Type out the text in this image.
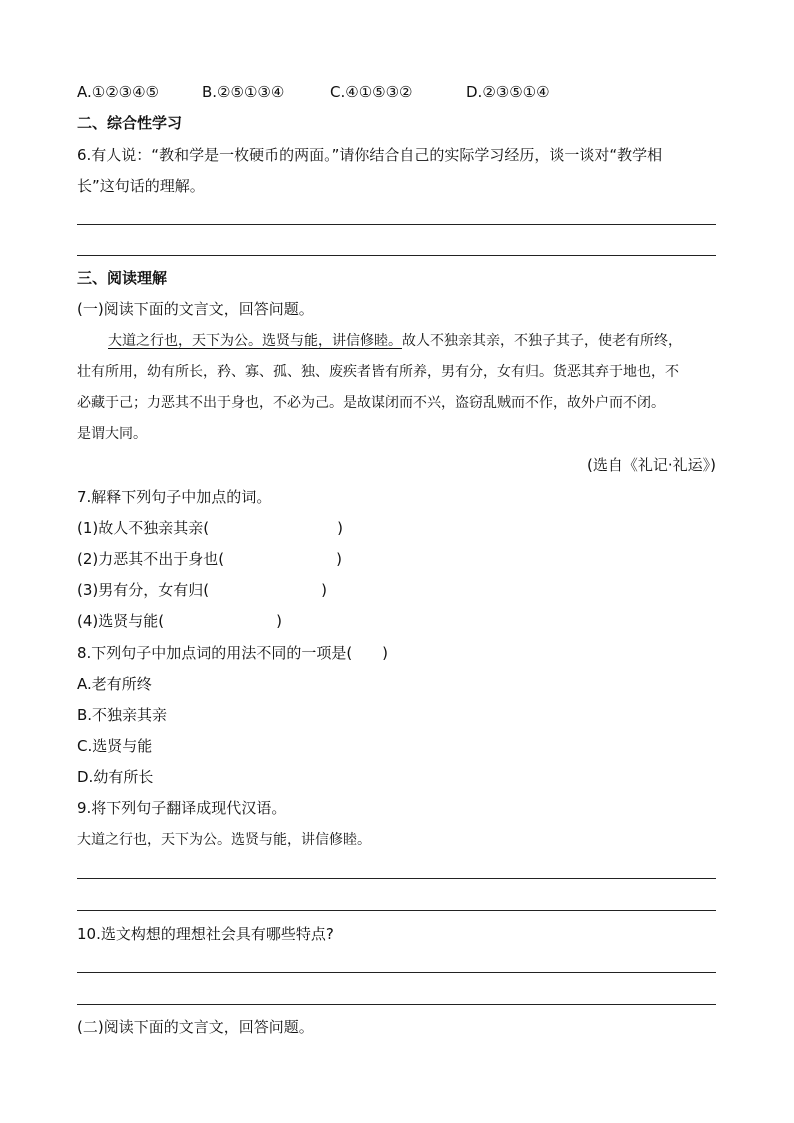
A.①②③④⑤	B.②⑤①③④	C.④①⑤③②	D.②③⑤①④
二、综合性学习
6.有人说：“教和学是一枚硬币的两面。”请你结合自己的实际学习经历，谈一谈对“教学相
长”这句话的理解。
三、阅读理解
(一)阅读下面的文言文，回答问题。
大道之行也，天下为公。选贤与能，讲信修睦。故人不独亲其亲，不独子其子，使老有所终，
壮有所用，幼有所长，矜、寡、孤、独、废疾者皆有所养，男有分，女有归。货恶其弃于地也，不
必藏于己；力恶其不出于身也，不必为己。是故谋闭而不兴，盗窃乱贼而不作，故外户而不闭。
是谓大同。
(选自《礼记·礼运》)
7.解释下列句子中加点的词。
(1)故人不独亲其亲(	)
(2)力恶其不出于身也(	)
(3)男有分，女有归(	)
(4)选贤与能(	)
8.下列句子中加点词的用法不同的一项是(　　)
A.老有所终
B.不独亲其亲
C.选贤与能
D.幼有所长
9.将下列句子翻译成现代汉语。
大道之行也，天下为公。选贤与能，讲信修睦。
10.选文构想的理想社会具有哪些特点?
(二)阅读下面的文言文，回答问题。
